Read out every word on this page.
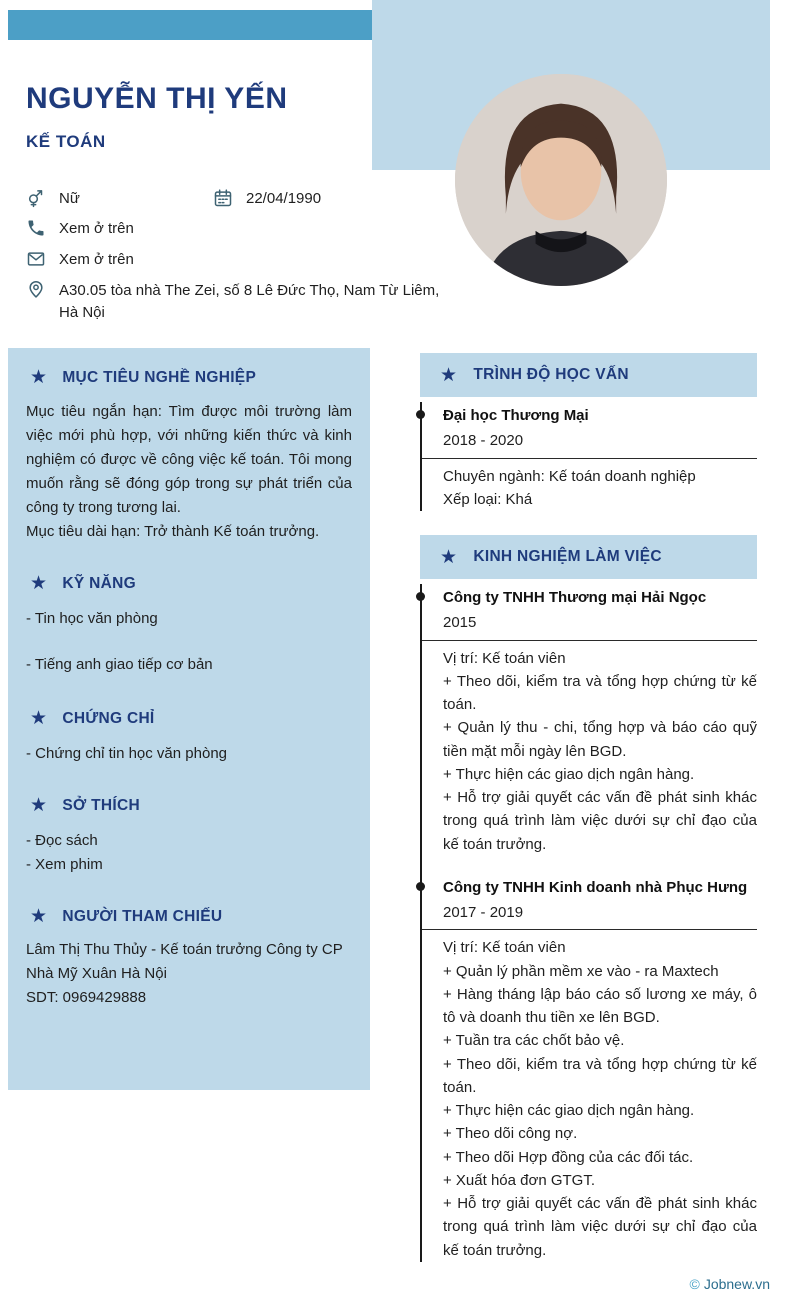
NGUYỄN THỊ YẾN
KẾ TOÁN
Nữ	22/04/1990
Xem ở trên
Xem ở trên
A30.05 tòa nhà The Zei, số 8 Lê Đức Thọ, Nam Từ Liêm, Hà Nội
★ MỤC TIÊU NGHỀ NGHIỆP

Mục tiêu ngắn hạn: Tìm được môi trường làm việc mới phù hợp, với những kiến thức và kinh nghiệm có được về công việc kế toán. Tôi mong muốn rằng sẽ đóng góp trong sự phát triển của công ty trong tương lai.

Mục tiêu dài hạn: Trở thành Kế toán trưởng.

★ KỸ NĂNG
- Tin học văn phòng
- Tiếng anh giao tiếp cơ bản
★ CHỨNG CHỈ
- Chứng chỉ tin học văn phòng
★ SỞ THÍCH
- Đọc sách
- Xem phim
★ NGƯỜI THAM CHIẾU
Lâm Thị Thu Thủy - Kế toán trưởng Công ty CP Nhà Mỹ Xuân Hà Nội
SDT: 0969429888
★ TRÌNH ĐỘ HỌC VẤN
Đại học Thương Mại
2018 - 2020
Chuyên ngành: Kế toán doanh nghiệp
Xếp loại: Khá
★ KINH NGHIỆM LÀM VIỆC
Công ty TNHH Thương mại Hải Ngọc
2015
Vị trí: Kế toán viên
+ Theo dõi, kiểm tra và tổng hợp chứng từ kế toán.
+ Quản lý thu - chi, tổng hợp và báo cáo quỹ tiền mặt mỗi ngày lên BGD.
+ Thực hiện các giao dịch ngân hàng.
+ Hỗ trợ giải quyết các vấn đề phát sinh khác trong quá trình làm việc dưới sự chỉ đạo của kế toán trưởng.
Công ty TNHH Kinh doanh nhà Phục Hưng
2017 - 2019
Vị trí: Kế toán viên
+ Quản lý phần mềm xe vào - ra Maxtech
+ Hàng tháng lập báo cáo số lương xe máy, ô tô và doanh thu tiền xe lên BGD.
+ Tuần tra các chốt bảo vệ.
+ Theo dõi, kiểm tra và tổng hợp chứng từ kế toán.
+ Thực hiện các giao dịch ngân hàng.
+ Theo dõi công nợ.
+ Theo dõi Hợp đồng của các đối tác.
+ Xuất hóa đơn GTGT.
+ Hỗ trợ giải quyết các vấn đề phát sinh khác trong quá trình làm việc dưới sự chỉ đạo của kế toán trưởng.
© Jobnew.vn
